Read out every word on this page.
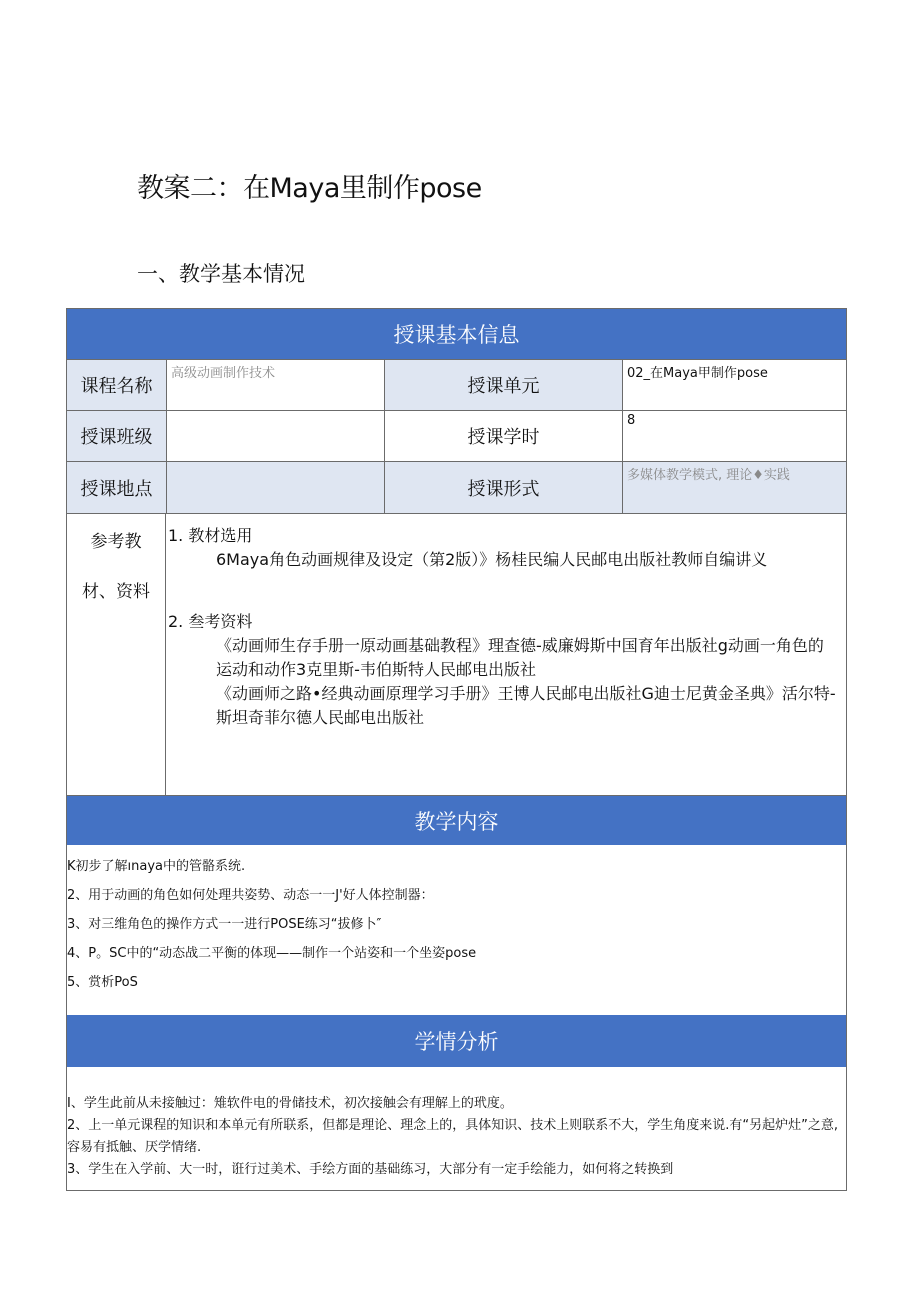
教案二：在Maya里制作pose
一、教学基本情况
授课基本信息
课程名称
高级动画制作技术
授课单元
02_在Maya甲制作pose
授课班级	授课学时
8
授课地点	授课形式
多媒体教学模式, 理论♦实践
参考教
材、资料
1. 教材选用
6Maya角色动画规律及设定（第2版）》杨桂民编人民邮电出版社教师自编讲义
2. 叁考资料
《动画师生存手册一原动画基础教程》理查德-威廉姆斯中国育年出版社g动画一角色的运动和动作3克里斯-韦伯斯特人民邮电出版社
《动画师之路•经典动画原理学习手册》王博人民邮电出版社G迪士尼黄金圣典》活尔特-斯坦奇菲尔德人民邮电出版社
教学内容
K初步了解ınaya中的管骼系统.
2、用于动画的角色如何处理共姿势、动态一一J'好人体控制器：
3、对三维角色的操作方式一一进行POSE练习“拔修卜″
4、P。SC中的“动态战二平衡的体现——制作一个站姿和一个坐姿pose
5、赏析PoS
学情分析
I、学生此前从未接触过：雉软件电的骨储技术，初次接触会有理解上的玳度。
2、上一单元课程的知识和本单元有所联系，但都是理论、理念上的，具体知识、技术上则联系不大，学生角度来说.有“另起炉灶”之意,容易有抵触、厌学情绪.
3、学生在入学前、大一时，诳行过美术、手绘方面的基础练习，大部分有一定手绘能力，如何将之转换到
